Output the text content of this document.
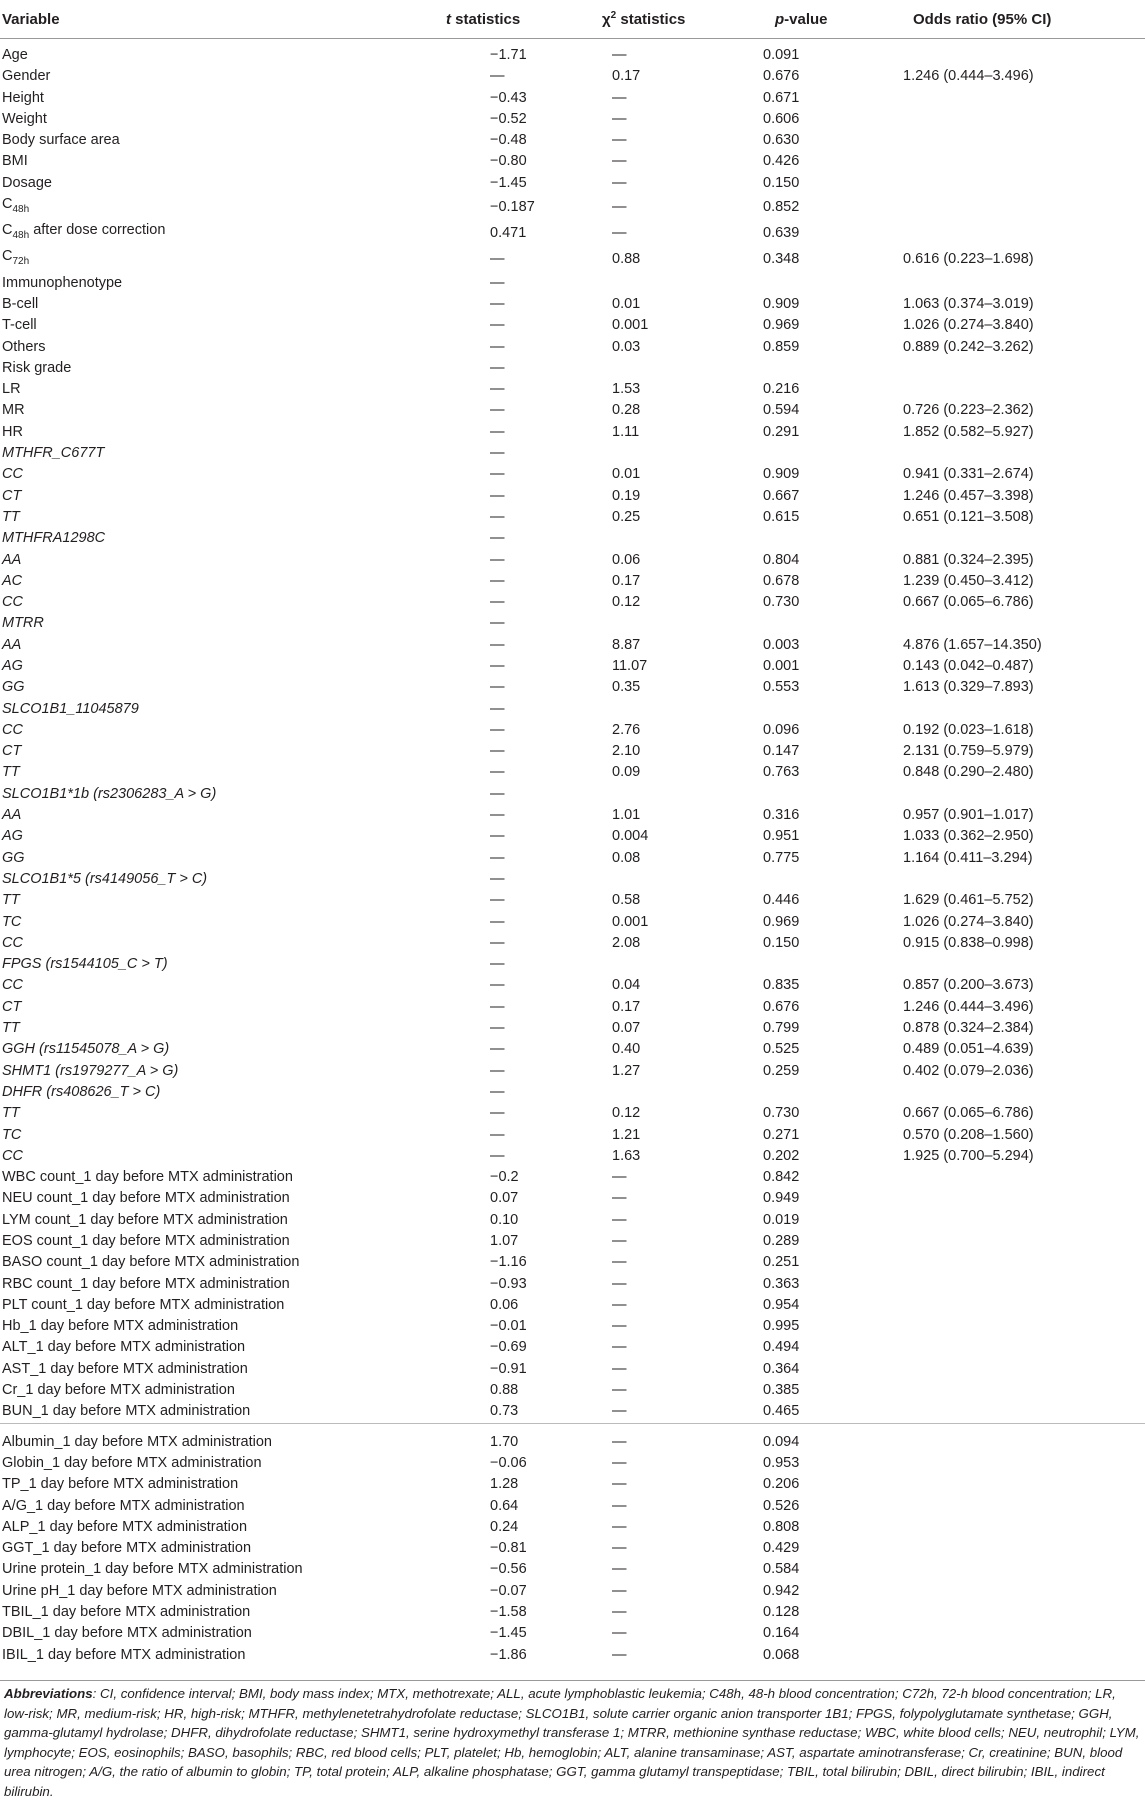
Variable	t statistics	$\chi^2$ statistics	p-value	Odds ratio (95% CI)
Age	−1.71	—	0.091	
Gender	—	0.17	0.676	1.246 (0.444–3.496)
Height	−0.43	—	0.671	
Weight	−0.52	—	0.606	
Body surface area	−0.48	—	0.630	
BMI	−0.80	—	0.426	
Dosage	−1.45	—	0.150	
$C_{48h}$	−0.187	—	0.852	
$C_{48h}$ after dose correction	0.471	—	0.639	
$C_{72h}$	—	0.88	0.348	0.616 (0.223–1.698)
Immunophenotype	—			
B-cell	—	0.01	0.909	1.063 (0.374–3.019)
T-cell	—	0.001	0.969	1.026 (0.274–3.840)
Others	—	0.03	0.859	0.889 (0.242–3.262)
Risk grade	—			
LR	—	1.53	0.216	
MR	—	0.28	0.594	0.726 (0.223–2.362)
HR	—	1.11	0.291	1.852 (0.582–5.927)
MTHFR_C677T	—			
CC	—	0.01	0.909	0.941 (0.331–2.674)
CT	—	0.19	0.667	1.246 (0.457–3.398)
TT	—	0.25	0.615	0.651 (0.121–3.508)
MTHFRA1298C	—			
AA	—	0.06	0.804	0.881 (0.324–2.395)
AC	—	0.17	0.678	1.239 (0.450–3.412)
CC	—	0.12	0.730	0.667 (0.065–6.786)
MTRR	—			
AA	—	8.87	0.003	4.876 (1.657–14.350)
AG	—	11.07	0.001	0.143 (0.042–0.487)
GG	—	0.35	0.553	1.613 (0.329–7.893)
SLCO1B1_11045879	—			
CC	—	2.76	0.096	0.192 (0.023–1.618)
CT	—	2.10	0.147	2.131 (0.759–5.979)
TT	—	0.09	0.763	0.848 (0.290–2.480)
SLCO1B1*1b (rs2306283_A > G)	—			
AA	—	1.01	0.316	0.957 (0.901–1.017)
AG	—	0.004	0.951	1.033 (0.362–2.950)
GG	—	0.08	0.775	1.164 (0.411–3.294)
SLCO1B1*5 (rs4149056_T > C)	—			
TT	—	0.58	0.446	1.629 (0.461–5.752)
TC	—	0.001	0.969	1.026 (0.274–3.840)
CC	—	2.08	0.150	0.915 (0.838–0.998)
FPGS (rs1544105_C > T)	—			
CC	—	0.04	0.835	0.857 (0.200–3.673)
CT	—	0.17	0.676	1.246 (0.444–3.496)
TT	—	0.07	0.799	0.878 (0.324–2.384)
GGH (rs11545078_A > G)	—	0.40	0.525	0.489 (0.051–4.639)
SHMT1 (rs1979277_A > G)	—	1.27	0.259	0.402 (0.079–2.036)
DHFR (rs408626_T > C)	—			
TT	—	0.12	0.730	0.667 (0.065–6.786)
TC	—	1.21	0.271	0.570 (0.208–1.560)
CC	—	1.63	0.202	1.925 (0.700–5.294)
WBC count_1 day before MTX administration	−0.2	—	0.842	
NEU count_1 day before MTX administration	0.07	—	0.949	
LYM count_1 day before MTX administration	0.10	—	0.019	
EOS count_1 day before MTX administration	1.07	—	0.289	
BASO count_1 day before MTX administration	−1.16	—	0.251	
RBC count_1 day before MTX administration	−0.93	—	0.363	
PLT count_1 day before MTX administration	0.06	—	0.954	
Hb_1 day before MTX administration	−0.01	—	0.995	
ALT_1 day before MTX administration	−0.69	—	0.494	
AST_1 day before MTX administration	−0.91	—	0.364	
Cr_1 day before MTX administration	0.88	—	0.385	
BUN_1 day before MTX administration	0.73	—	0.465	

Albumin_1 day before MTX administration	1.70	—	0.094	
Globin_1 day before MTX administration	−0.06	—	0.953	
TP_1 day before MTX administration	1.28	—	0.206	
A/G_1 day before MTX administration	0.64	—	0.526	
ALP_1 day before MTX administration	0.24	—	0.808	
GGT_1 day before MTX administration	−0.81	—	0.429	
Urine protein_1 day before MTX administration	−0.56	—	0.584	
Urine pH_1 day before MTX administration	−0.07	—	0.942	
TBIL_1 day before MTX administration	−1.58	—	0.128	
DBIL_1 day before MTX administration	−1.45	—	0.164	
IBIL_1 day before MTX administration	−1.86	—	0.068	
Abbreviations: CI, confidence interval; BMI, body mass index; MTX, methotrexate; ALL, acute lymphoblastic leukemia; C48h, 48-h blood concentration; C72h, 72-h blood concentration; LR, low-risk; MR, medium-risk; HR, high-risk; MTHFR, methylenetetrahydrofolate reductase; SLCO1B1, solute carrier organic anion transporter 1B1; FPGS, folypolyglutamate synthetase; GGH, gamma-glutamyl hydrolase; DHFR, dihydrofolate reductase; SHMT1, serine hydroxymethyl transferase 1; MTRR, methionine synthase reductase; WBC, white blood cells; NEU, neutrophil; LYM, lymphocyte; EOS, eosinophils; BASO, basophils; RBC, red blood cells; PLT, platelet; Hb, hemoglobin; ALT, alanine transaminase; AST, aspartate aminotransferase; Cr, creatinine; BUN, blood urea nitrogen; A/G, the ratio of albumin to globin; TP, total protein; ALP, alkaline phosphatase; GGT, gamma glutamyl transpeptidase; TBIL, total bilirubin; DBIL, direct bilirubin; IBIL, indirect bilirubin.
